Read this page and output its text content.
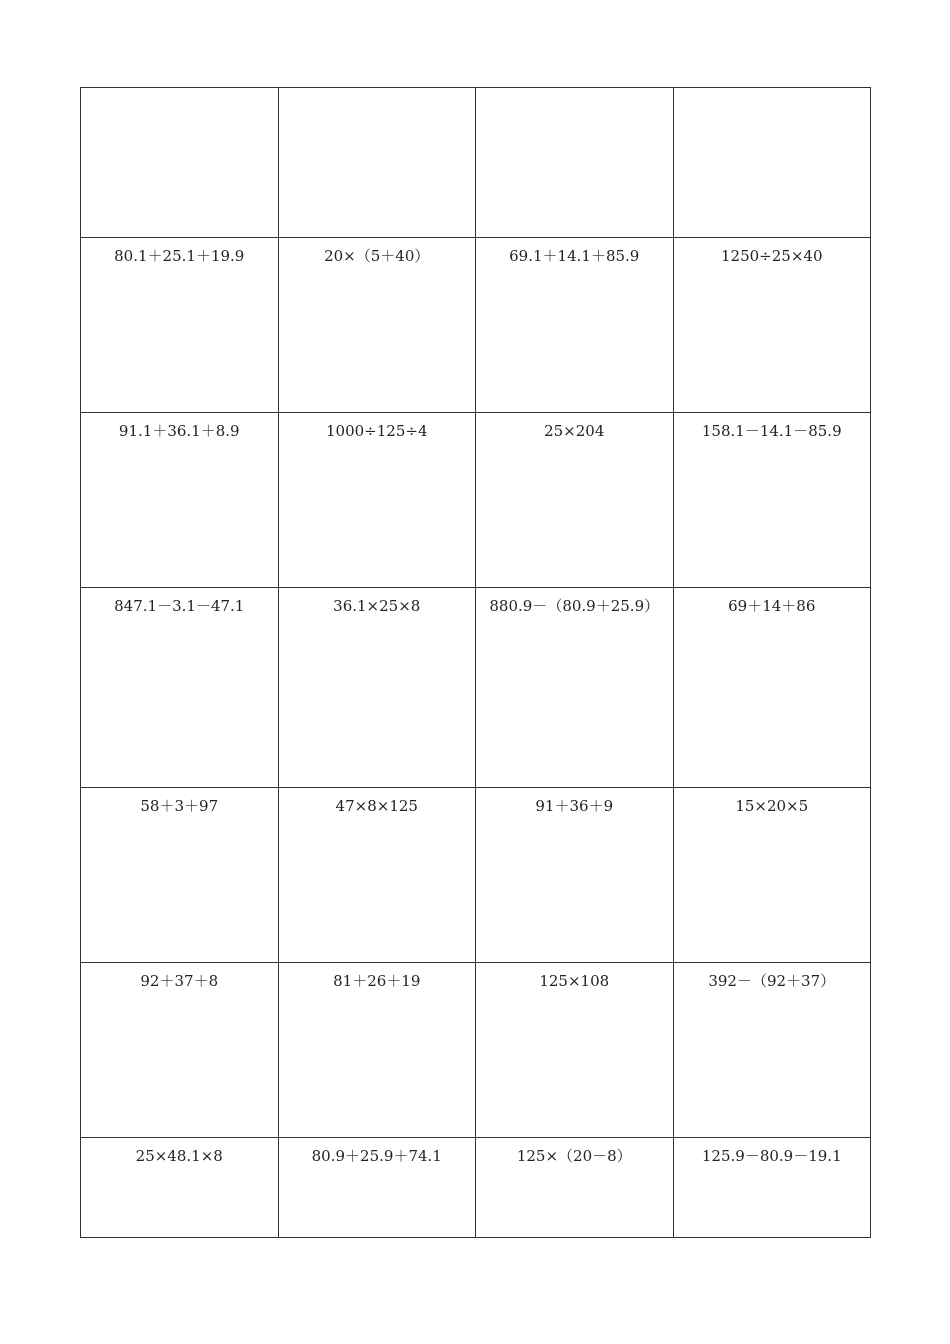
80.1＋25.1＋19.9	20×（5＋40）	69.1＋14.1＋85.9	1250÷25×40
91.1＋36.1＋8.9	1000÷125÷4	25×204	158.1－14.1－85.9
847.1－3.1－47.1	36.1×25×8	880.9－（80.9＋25.9）	69＋14＋86
58＋3＋97	47×8×125	91＋36＋9	15×20×5
92＋37＋8	81＋26＋19	125×108	392－（92＋37）
25×48.1×8	80.9＋25.9＋74.1	125×（20－8）	125.9－80.9－19.1
